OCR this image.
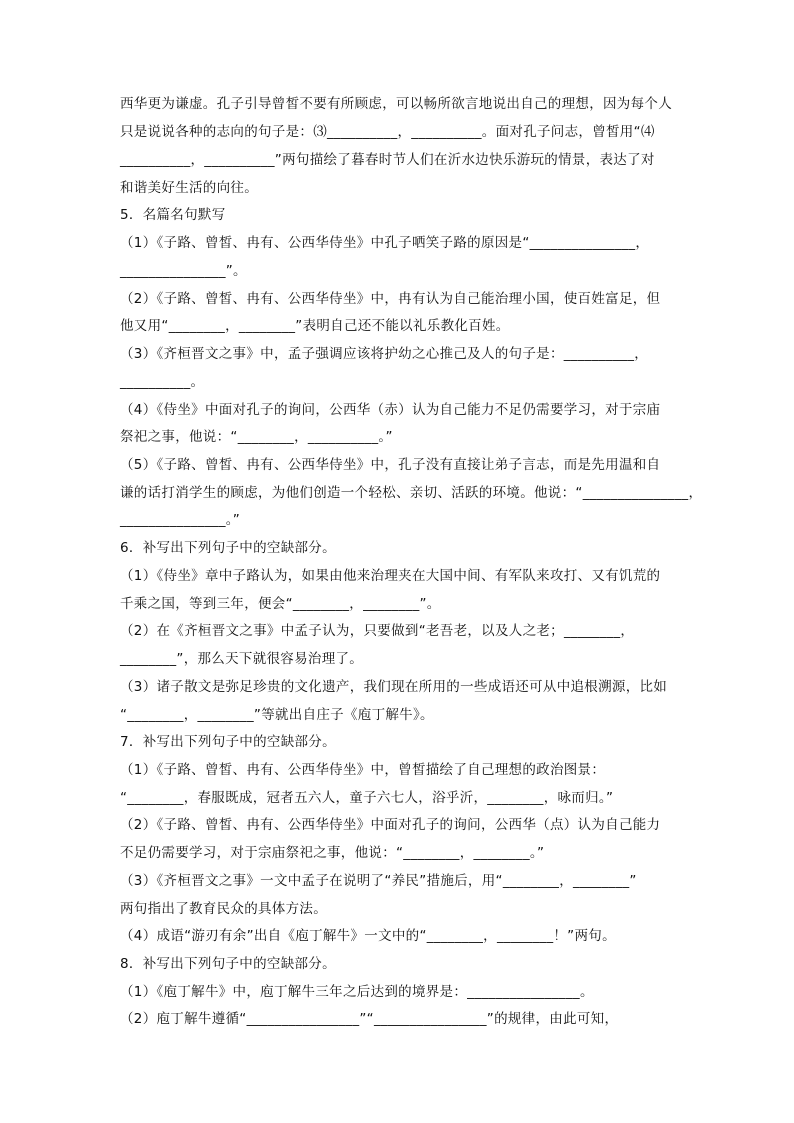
西华更为谦虚。孔子引导曾皙不要有所顾虑，可以畅所欲言地说出自己的理想，因为每个人
只是说说各种的志向的句子是：⑶__________，__________。面对孔子问志，曾皙用“⑷
__________，__________”两句描绘了暮春时节人们在沂水边快乐游玩的情景，表达了对
和谐美好生活的向往。
5．名篇名句默写
（1）《子路、曾皙、冉有、公西华侍坐》中孔子哂笑子路的原因是“_______________，
_______________”。
（2）《子路、曾皙、冉有、公西华侍坐》中，冉有认为自己能治理小国，使百姓富足，但
他又用“________，________”表明自己还不能以礼乐教化百姓。
（3）《齐桓晋文之事》中，孟子强调应该将护幼之心推己及人的句子是：__________，
__________。
（4）《侍坐》中面对孔子的询问，公西华（赤）认为自己能力不足仍需要学习，对于宗庙
祭祀之事，他说：“________，__________。”
（5）《子路、曾皙、冉有、公西华侍坐》中，孔子没有直接让弟子言志，而是先用温和自
谦的话打消学生的顾虑，为他们创造一个轻松、亲切、活跃的环境。他说：“_______________，
_______________。”
6．补写出下列句子中的空缺部分。
（1）《侍坐》章中子路认为，如果由他来治理夹在大国中间、有军队来攻打、又有饥荒的
千乘之国，等到三年，便会“________，________”。
（2）在《齐桓晋文之事》中孟子认为，只要做到“老吾老，以及人之老；________，
________”，那么天下就很容易治理了。
（3）诸子散文是弥足珍贵的文化遗产，我们现在所用的一些成语还可从中追根溯源，比如
“________，________”等就出自庄子《庖丁解牛》。
7．补写出下列句子中的空缺部分。
（1）《子路、曾皙、冉有、公西华侍坐》中，曾皙描绘了自己理想的政治图景：
“________，春服既成，冠者五六人，童子六七人，浴乎沂，________，咏而归。”
（2）《子路、曾皙、冉有、公西华侍坐》中面对孔子的询问，公西华（点）认为自己能力
不足仍需要学习，对于宗庙祭祀之事，他说：“________，________。”
（3）《齐桓晋文之事》一文中孟子在说明了“养民”措施后，用“________，________”
两句指出了教育民众的具体方法。
（4）成语“游刃有余”出自《庖丁解牛》一文中的“________，________！”两句。
8．补写出下列句子中的空缺部分。
（1）《庖丁解牛》中，庖丁解牛三年之后达到的境界是：________________。
（2）庖丁解牛遵循“________________”“________________”的规律，由此可知，
